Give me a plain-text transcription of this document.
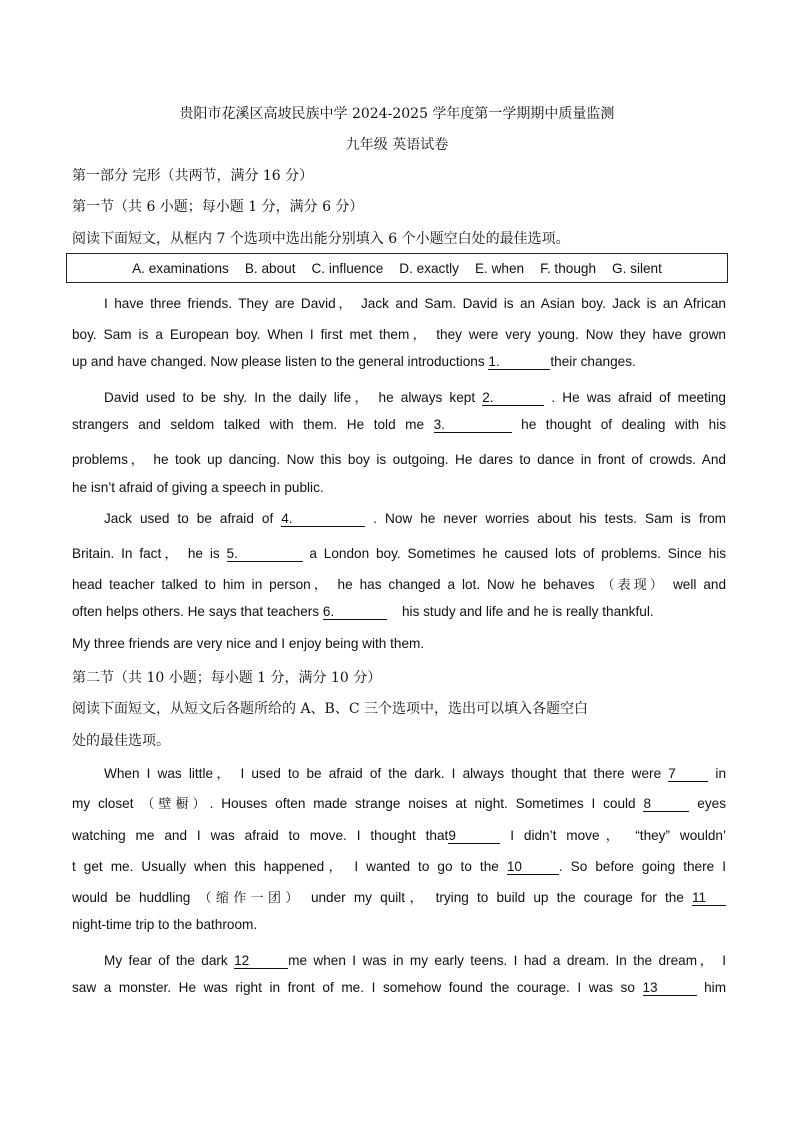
贵阳市花溪区高坡民族中学 2024-2025 学年度第一学期期中质量监测
九年级 英语试卷
第一部分 完形（共两节，满分 16 分）
第一节（共 6 小题；每小题 1 分，满分 6 分）
阅读下面短文，从框内 7 个选项中选出能分别填入 6 个小题空白处的最佳选项。
A. examinations B. about C. influence D. exactly E. when F. though G. silent
I have three friends. They are David， Jack and Sam. David is an Asian boy. Jack is an African
boy. Sam is a European boy. When I first met them， they were very young. Now they have grown
up and have changed. Now please listen to the general introductions 1.	their changes.
David used to be shy. In the daily life， he always kept 2.	. He was afraid of meeting
strangers and seldom talked with them. He told me 3.	he thought of dealing with his
problems， he took up dancing. Now this boy is outgoing. He dares to dance in front of crowds. And
he isn’t afraid of giving a speech in public.
Jack used to be afraid of 4.	. Now he never worries about his tests. Sam is from
Britain. In fact， he is 5.	a London boy. Sometimes he caused lots of problems. Since his
head teacher talked to him in person， he has changed a lot. Now he behaves （表现） well and
often helps others. He says that teachers 6.	his study and life and he is really thankful.
My three friends are very nice and I enjoy being with them.
第二节（共 10 小题；每小题 1 分，满分 10 分）
阅读下面短文，从短文后各题所给的 A、B、C 三个选项中，选出可以填入各题空白
处的最佳选项。
When I was little， I used to be afraid of the dark. I always thought that there were 7	in
my closet （壁橱）. Houses often made strange noises at night. Sometimes I could 8	eyes
watching me and I was afraid to move. I thought that9	I didn’t move， “they” wouldn’
t get me. Usually when this happened， I wanted to go to the 10	. So before going there I
would be huddling （缩作一团） under my quilt， trying to build up the courage for the 11
night-time trip to the bathroom.
My fear of the dark 12	me when I was in my early teens. I had a dream. In the dream， I
saw a monster. He was right in front of me. I somehow found the courage. I was so 13	him
